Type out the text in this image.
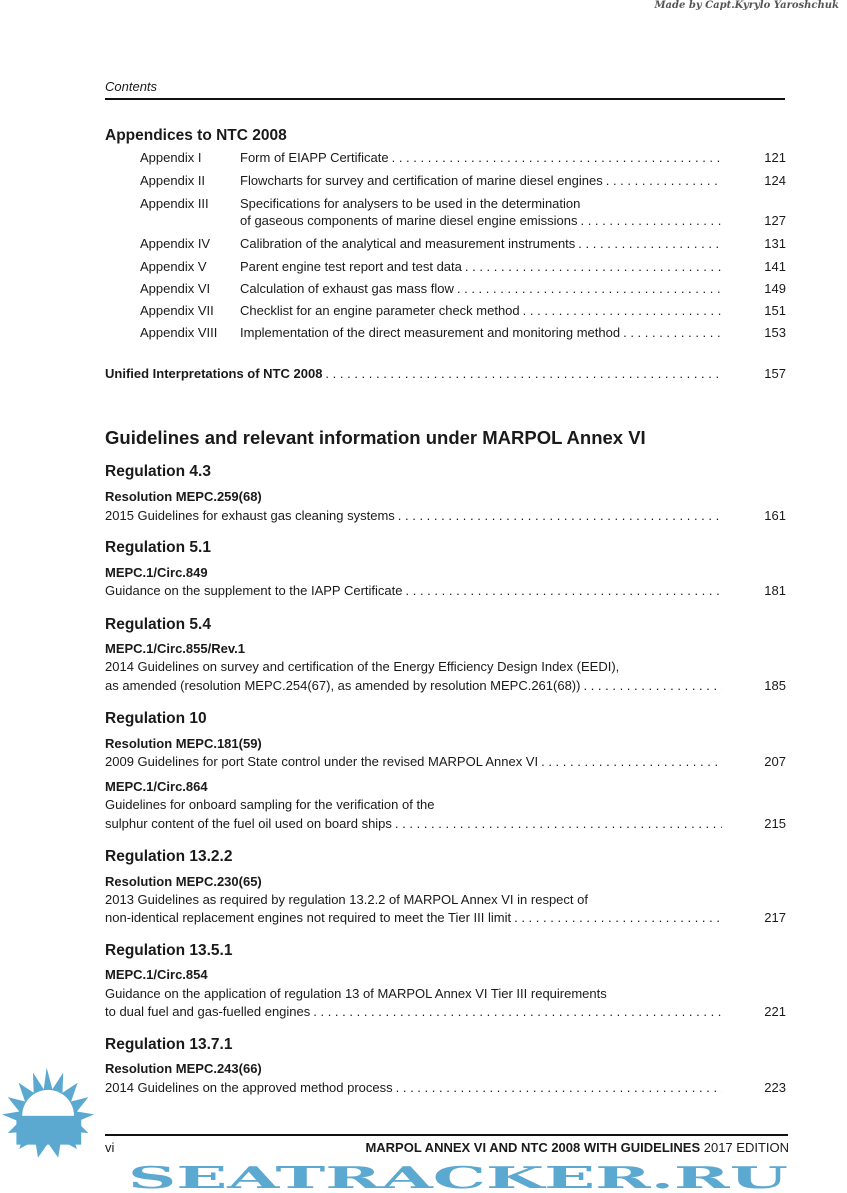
Made by Capt.Kyrylo Yaroshchuk
Contents
Appendices to NTC 2008
Appendix I	Form of EIAPP Certificate . . .	121
Appendix II	Flowcharts for survey and certification of marine diesel engines . . .	124
Appendix III Specifications for analysers to be used in the determination
of gaseous components of marine diesel engine emissions . . .	127
Appendix IV Calibration of the analytical and measurement instruments . . .	131
Appendix V	Parent engine test report and test data . . .	141
Appendix VI Calculation of exhaust gas mass flow . . .	149
Appendix VII Checklist for an engine parameter check method . . .	151
Appendix VIII Implementation of the direct measurement and monitoring method . . .	153
Unified Interpretations of NTC 2008 . . .	157
Guidelines and relevant information under MARPOL Annex VI
Regulation 4.3
Resolution MEPC.259(68)
2015 Guidelines for exhaust gas cleaning systems . . .	161
Regulation 5.1
MEPC.1/Circ.849
Guidance on the supplement to the IAPP Certificate . . .	181
Regulation 5.4
MEPC.1/Circ.855/Rev.1
2014 Guidelines on survey and certification of the Energy Efficiency Design Index (EEDI),
as amended (resolution MEPC.254(67), as amended by resolution MEPC.261(68)) . . .	185
Regulation 10
Resolution MEPC.181(59)
2009 Guidelines for port State control under the revised MARPOL Annex VI . . .	207
MEPC.1/Circ.864
Guidelines for onboard sampling for the verification of the
sulphur content of the fuel oil used on board ships . . .	215
Regulation 13.2.2
Resolution MEPC.230(65)
2013 Guidelines as required by regulation 13.2.2 of MARPOL Annex VI in respect of
non-identical replacement engines not required to meet the Tier III limit . . .	217
Regulation 13.5.1
MEPC.1/Circ.854
Guidance on the application of regulation 13 of MARPOL Annex VI Tier III requirements
to dual fuel and gas-fuelled engines . . .	221
Regulation 13.7.1
Resolution MEPC.243(66)
2014 Guidelines on the approved method process . . .	223
SEATRACKER.RU
vi	MARPOL ANNEX VI AND NTC 2008 WITH GUIDELINES 2017 EDITION
